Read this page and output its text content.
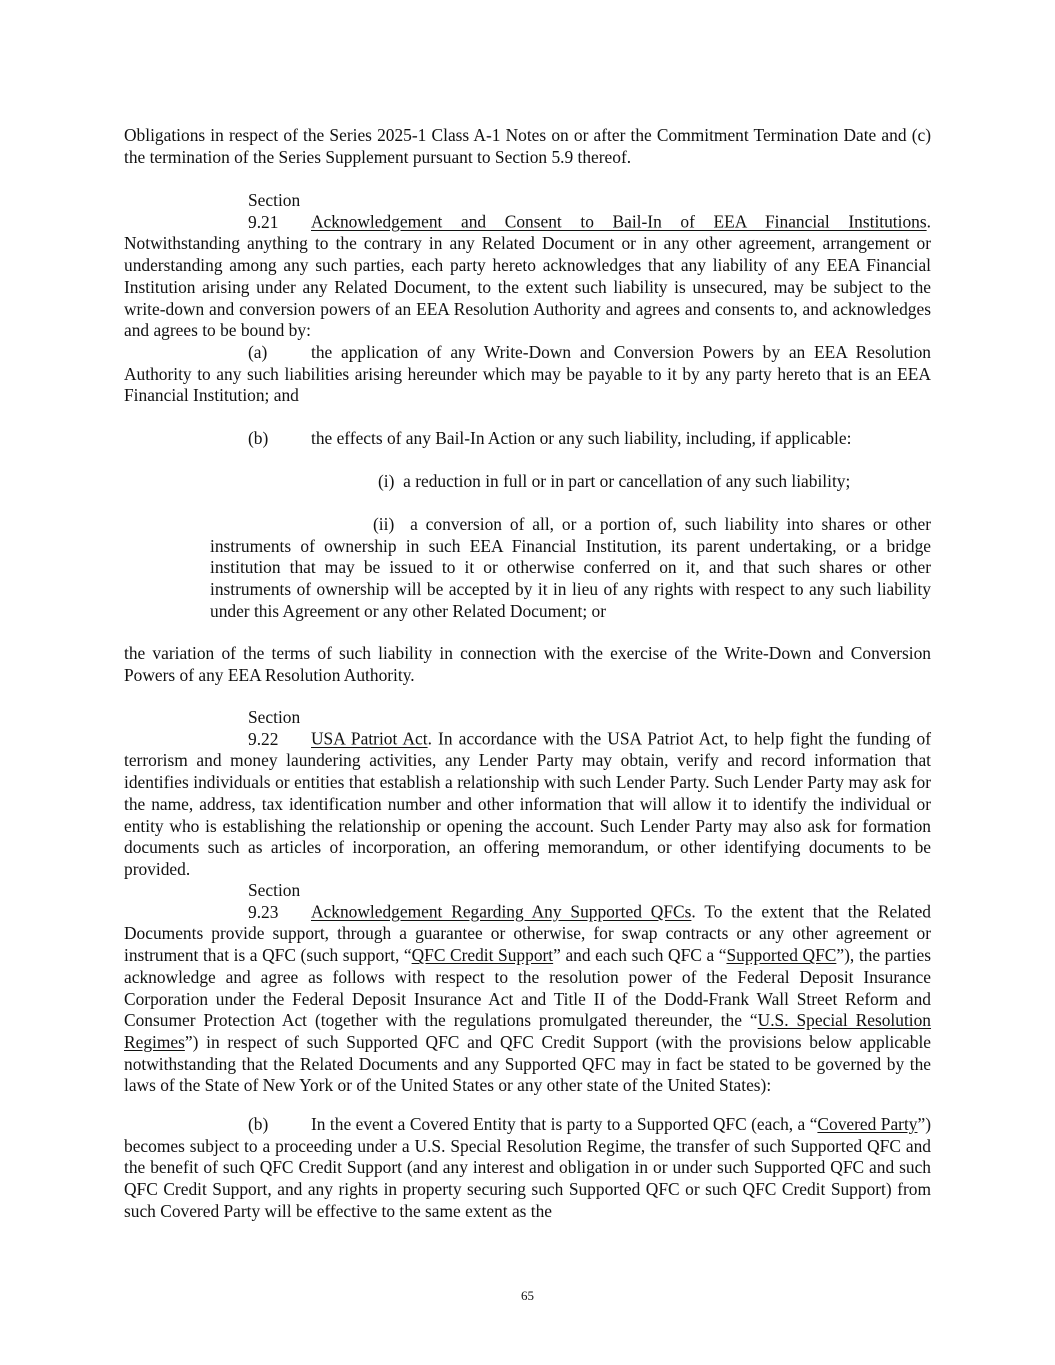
Obligations in respect of the Series 2025-1 Class A-1 Notes on or after the Commitment Termination Date and (c) the termination of the Series Supplement pursuant to Section 5.9 thereof.

Section 9.21 Acknowledgement and Consent to Bail-In of EEA Financial Institutions. Notwithstanding anything to the contrary in any Related Document or in any other agreement, arrangement or understanding among any such parties, each party hereto acknowledges that any liability of any EEA Financial Institution arising under any Related Document, to the extent such liability is unsecured, may be subject to the write-down and conversion powers of an EEA Resolution Authority and agrees and consents to, and acknowledges and agrees to be bound by:

(a)	the application of any Write-Down and Conversion Powers by an EEA Resolution Authority to any such liabilities arising hereunder which may be payable to it by any party hereto that is an EEA Financial Institution; and

(b) the effects of any Bail-In Action or any such liability, including, if applicable:

(i) a reduction in full or in part or cancellation of any such liability;

(ii) a conversion of all, or a portion of, such liability into shares or other instruments of ownership in such EEA Financial Institution, its parent undertaking, or a bridge institution that may be issued to it or otherwise conferred on it, and that such shares or other instruments of ownership will be accepted by it in lieu of any rights with respect to any such liability under this Agreement or any other Related Document; or

the variation of the terms of such liability in connection with the exercise of the Write-Down and Conversion Powers of any EEA Resolution Authority.

Section 9.22 USA Patriot Act. In accordance with the USA Patriot Act, to help fight the funding of terrorism and money laundering activities, any Lender Party may obtain, verify and record information that identifies individuals or entities that establish a relationship with such Lender Party. Such Lender Party may ask for the name, address, tax identification number and other information that will allow it to identify the individual or entity who is establishing the relationship or opening the account. Such Lender Party may also ask for formation documents such as articles of incorporation, an offering memorandum, or other identifying documents to be provided.

Section 9.23 Acknowledgement Regarding Any Supported QFCs. To the extent that the Related Documents provide support, through a guarantee or otherwise, for swap contracts or any other agreement or instrument that is a QFC (such support, “QFC Credit Support” and each such QFC a “Supported QFC”), the parties acknowledge and agree as follows with respect to the resolution power of the Federal Deposit Insurance Corporation under the Federal Deposit Insurance Act and Title II of the Dodd-Frank Wall Street Reform and Consumer Protection Act (together with the regulations promulgated thereunder, the “U.S. Special Resolution Regimes”) in respect of such Supported QFC and QFC Credit Support (with the provisions below applicable notwithstanding that the Related Documents and any Supported QFC may in fact be stated to be governed by the laws of the State of New York or of the United States or any other state of the United States):

(b) In the event a Covered Entity that is party to a Supported QFC (each, a “Covered Party”) becomes subject to a proceeding under a U.S. Special Resolution Regime, the transfer of such Supported QFC and the benefit of such QFC Credit Support (and any interest and obligation in or under such Supported QFC and such QFC Credit Support, and any rights in property securing such Supported QFC or such QFC Credit Support) from such Covered Party will be effective to the same extent as the

65
